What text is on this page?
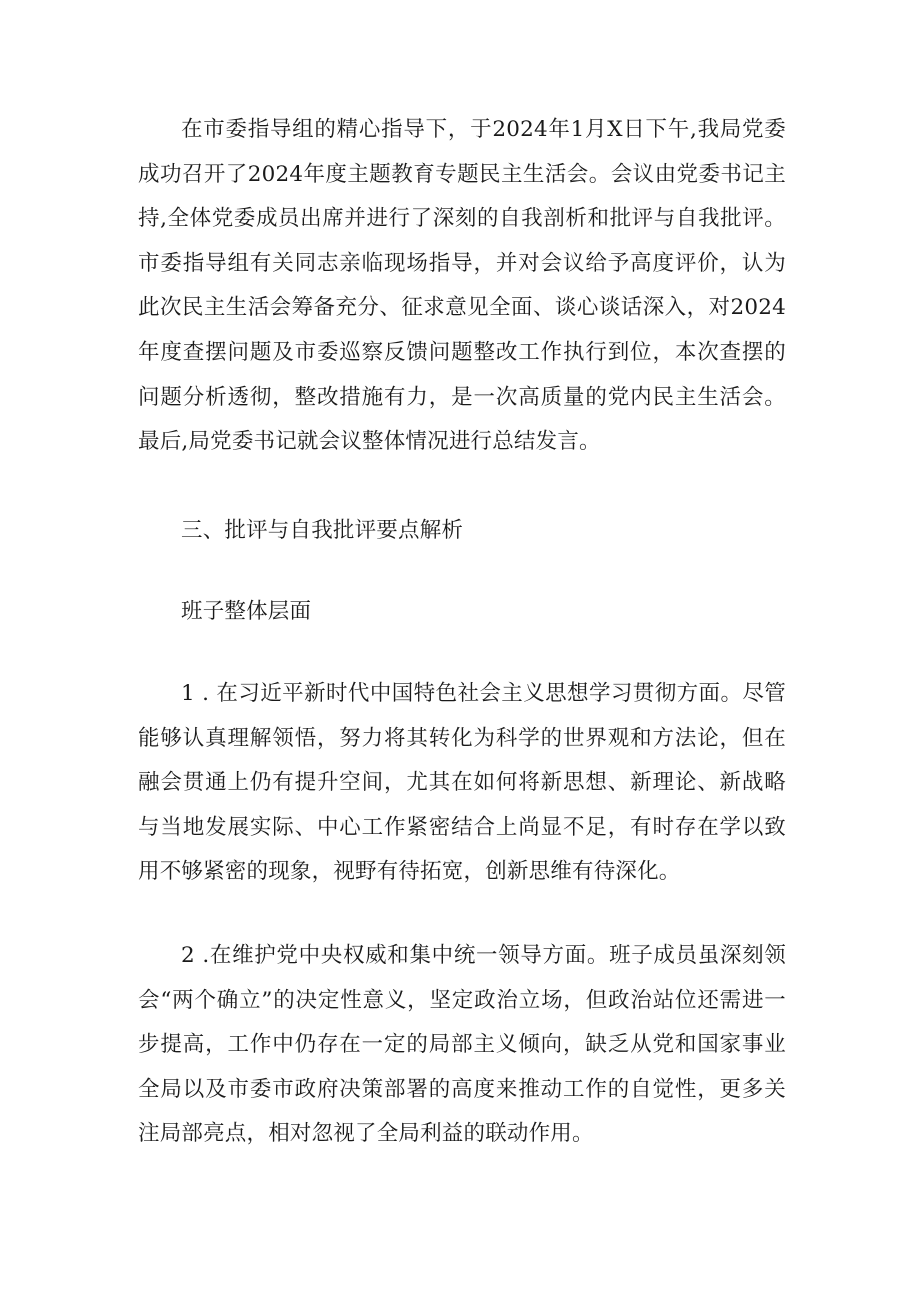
在市委指导组的精心指导下，于2024年1月X日下午,我局党委成功召开了2024年度主题教育专题民主生活会。会议由党委书记主持,全体党委成员出席并进行了深刻的自我剖析和批评与自我批评。市委指导组有关同志亲临现场指导，并对会议给予高度评价，认为此次民主生活会筹备充分、征求意见全面、谈心谈话深入，对2024年度查摆问题及市委巡察反馈问题整改工作执行到位，本次查摆的问题分析透彻，整改措施有力，是一次高质量的党内民主生活会。最后,局党委书记就会议整体情况进行总结发言。

三、批评与自我批评要点解析

班子整体层面

1 . 在习近平新时代中国特色社会主义思想学习贯彻方面。尽管能够认真理解领悟，努力将其转化为科学的世界观和方法论，但在融会贯通上仍有提升空间，尤其在如何将新思想、新理论、新战略与当地发展实际、中心工作紧密结合上尚显不足，有时存在学以致用不够紧密的现象，视野有待拓宽，创新思维有待深化。

2 .在维护党中央权威和集中统一领导方面。班子成员虽深刻领会“两个确立”的决定性意义，坚定政治立场，但政治站位还需进一步提高，工作中仍存在一定的局部主义倾向，缺乏从党和国家事业全局以及市委市政府决策部署的高度来推动工作的自觉性，更多关注局部亮点，相对忽视了全局利益的联动作用。
